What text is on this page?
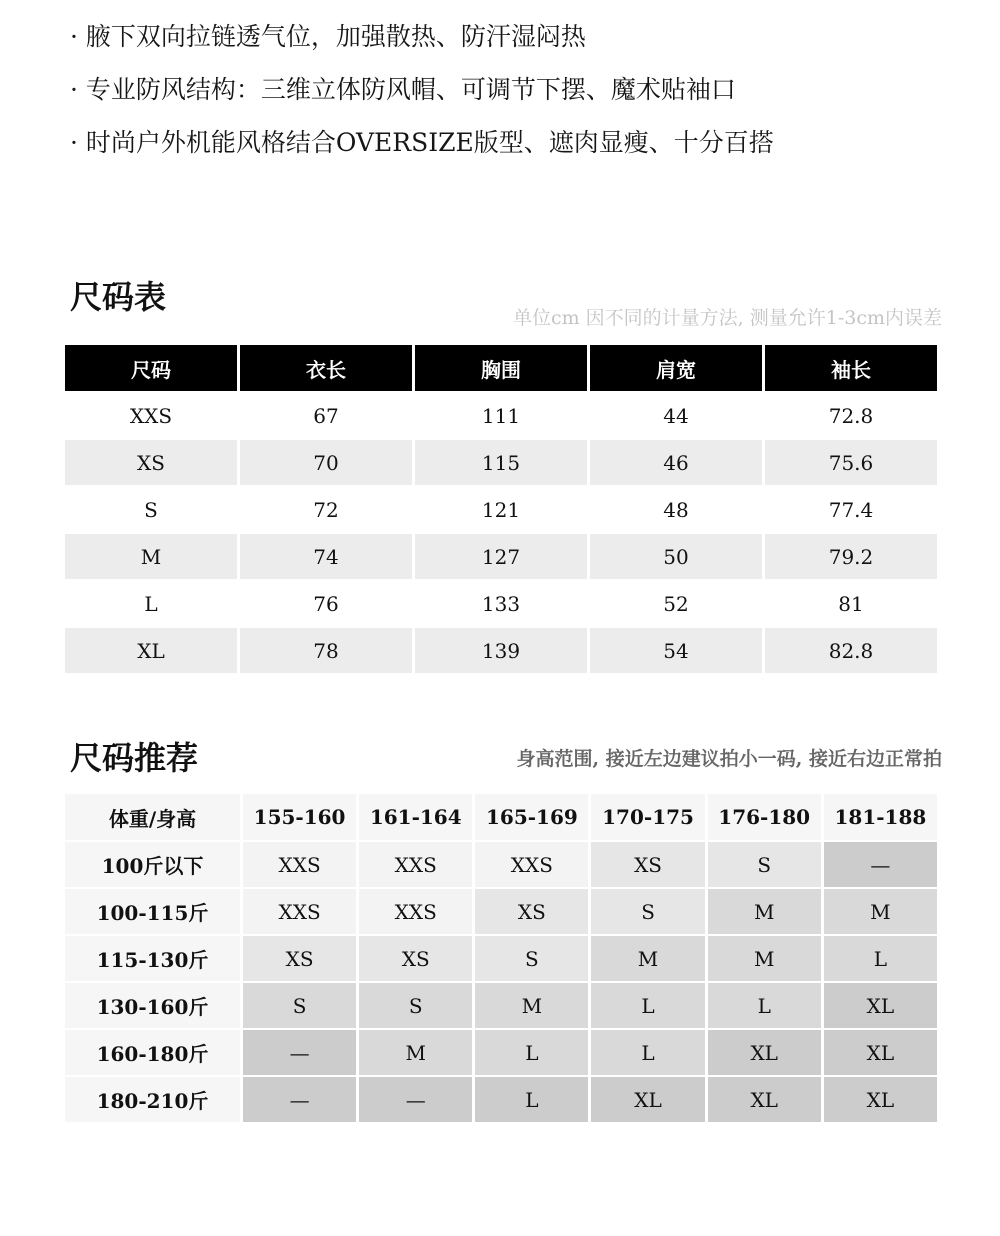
· 腋下双向拉链透气位，加强散热、防汗湿闷热
· 专业防风结构：三维立体防风帽、可调节下摆、魔术贴袖口
· 时尚户外机能风格结合OVERSIZE版型、遮肉显瘦、十分百搭
尺码表
单位cm 因不同的计量方法, 测量允许1-3cm内误差
尺码	衣长	胸围	肩宽	袖长
XXS	67	111	44	72.8
XS	70	115	46	75.6
S	72	121	48	77.4
M	74	127	50	79.2
L	76	133	52	81
XL	78	139	54	82.8
尺码推荐	身高范围, 接近左边建议拍小一码, 接近右边正常拍
体重/身高	155-160	161-164	165-169	170-175	176-180	181-188
100斤以下	XXS	XXS	XXS	XS	S	—
100-115斤	XXS	XXS	XS	S	M	M
115-130斤	XS	XS	S	M	M	L
130-160斤	S	S	M	L	L	XL
160-180斤	—	M	L	L	XL	XL
180-210斤	—	—	L	XL	XL	XL
